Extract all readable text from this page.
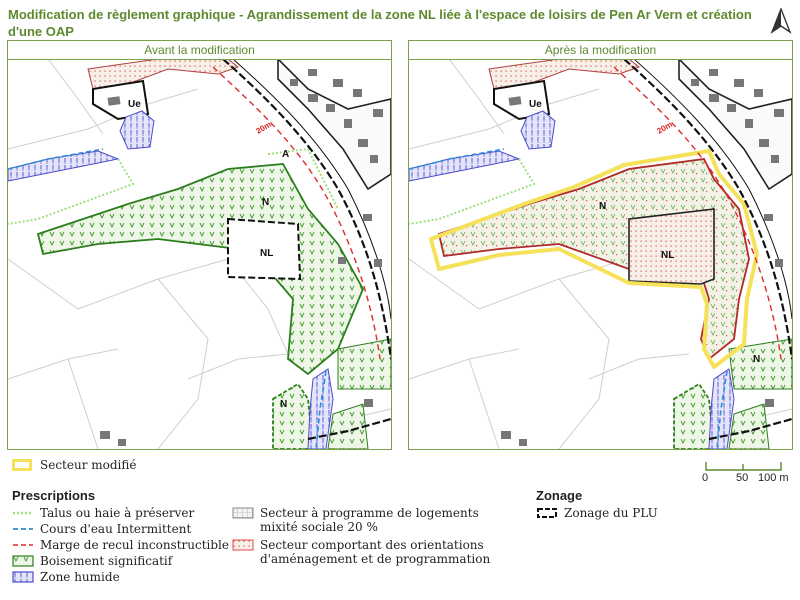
Modification de règlement graphique - Agrandissement de la zone NL liée à l'espace de loisirs de Pen Ar Vern et création d'une OAP
Avant la modification
Ue
NL
N
N
A
20m
Après la modification
Ue
NL
N
N
20m
Secteur modifié
0	50 100 m
Prescriptions	Zonage
Talus ou haie à préserver
Cours d'eau Intermittent
Marge de recul inconstructible
Boisement significatif
Zone humide
Secteur à programme de logements mixité sociale 20 %
Secteur comportant des orientations d'aménagement et de programmation
Zonage du PLU
